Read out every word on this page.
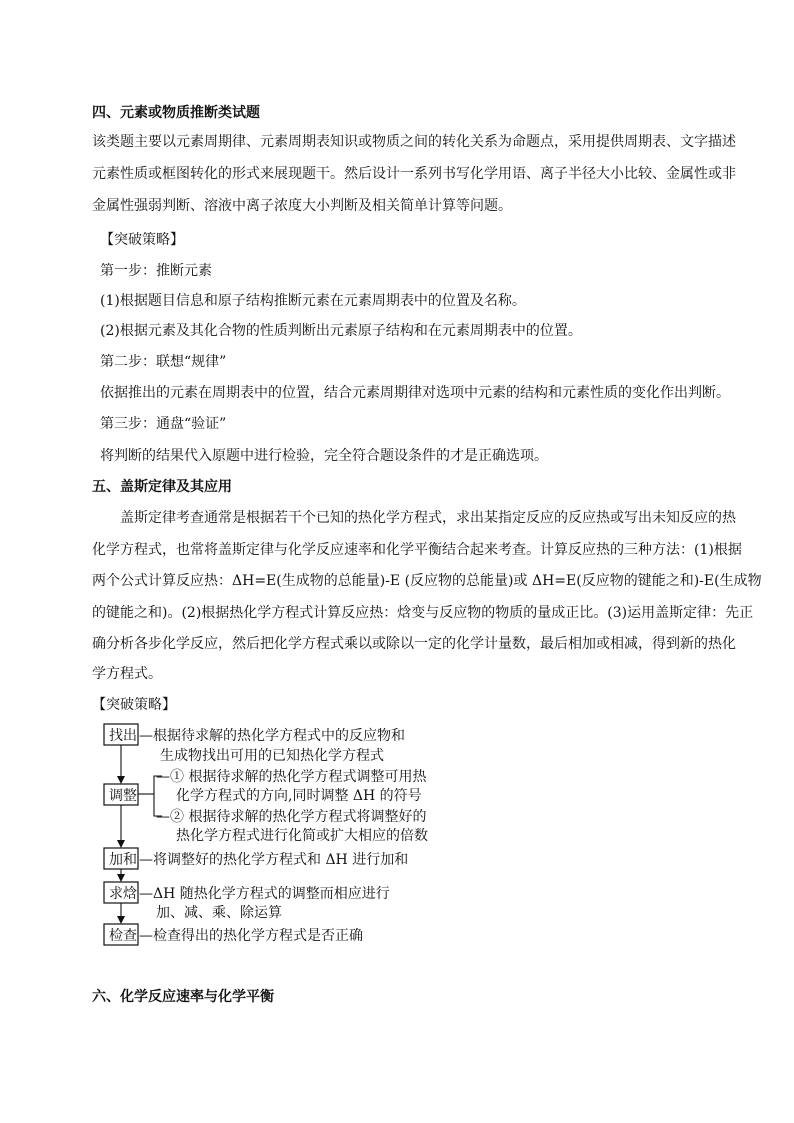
四、元素或物质推断类试题
该类题主要以元素周期律、元素周期表知识或物质之间的转化关系为命题点，采用提供周期表、文字描述
元素性质或框图转化的形式来展现题干。然后设计一系列书写化学用语、离子半径大小比较、金属性或非
金属性强弱判断、溶液中离子浓度大小判断及相关简单计算等问题。
【突破策略】
第一步：推断元素
(1)根据题目信息和原子结构推断元素在元素周期表中的位置及名称。
(2)根据元素及其化合物的性质判断出元素原子结构和在元素周期表中的位置。
第二步：联想“规律”
依据推出的元素在周期表中的位置，结合元素周期律对选项中元素的结构和元素性质的变化作出判断。
第三步：通盘“验证”
将判断的结果代入原题中进行检验，完全符合题设条件的才是正确选项。
五、盖斯定律及其应用
盖斯定律考查通常是根据若干个已知的热化学方程式，求出某指定反应的反应热或写出未知反应的热
化学方程式，也常将盖斯定律与化学反应速率和化学平衡结合起来考查。计算反应热的三种方法：(1)根据
两个公式计算反应热：ΔH=E(生成物的总能量)-E (反应物的总能量)或 ΔH=E(反应物的键能之和)-E(生成物
的键能之和)。(2)根据热化学方程式计算反应热：焓变与反应物的物质的量成正比。(3)运用盖斯定律：先正
确分析各步化学反应，然后把化学方程式乘以或除以一定的化学计量数，最后相加或相减，得到新的热化
学方程式。
【突破策略】
找出
调整
加和
求焓
检查
—根据待求解的热化学方程式中的反应物和
生成物找出可用的已知热化学方程式
—① 根据待求解的热化学方程式调整可用热
化学方程式的方向,同时调整 ΔH 的符号
—② 根据待求解的热化学方程式将调整好的
热化学方程式进行化简或扩大相应的倍数
—将调整好的热化学方程式和 ΔH 进行加和
—ΔH 随热化学方程式的调整而相应进行
加、减、乘、除运算
—检查得出的热化学方程式是否正确
六、化学反应速率与化学平衡
